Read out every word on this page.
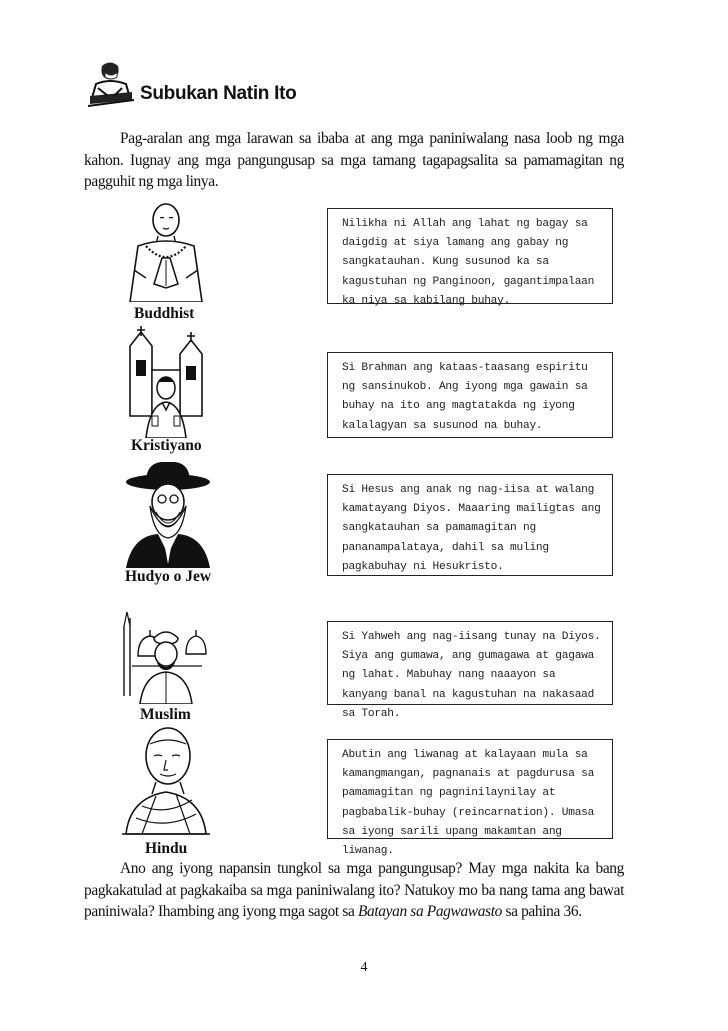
Subukan Natin Ito
Pag-aralan ang mga larawan sa ibaba at ang mga paniniwalang nasa loob ng mga kahon. Iugnay ang mga pangungusap sa mga tamang tagapagsalita sa pamamagitan ng pagguhit ng mga linya.
Buddhist
Kristiyano
Hudyo o Jew
Muslim
Hindu
Nilikha ni Allah ang lahat ng bagay sa daigdig at siya lamang ang gabay ng sangkatauhan. Kung susunod ka sa kagustuhan ng Panginoon, gagantimpalaan ka niya sa kabilang buhay.
Si Brahman ang kataas-taasang espiritu ng sansinukob. Ang iyong mga gawain sa buhay na ito ang magtatakda ng iyong kalalagyan sa susunod na buhay.
Si Hesus ang anak ng nag-iisa at walang kamatayang Diyos. Maaaring mailigtas ang sangkatauhan sa pamamagitan ng pananampalataya, dahil sa muling pagkabuhay ni Hesukristo.
Si Yahweh ang nag-iisang tunay na Diyos. Siya ang gumawa, ang gumagawa at gagawa ng lahat. Mabuhay nang naaayon sa kanyang banal na kagustuhan na nakasaad sa Torah.
Abutin ang liwanag at kalayaan mula sa kamangmangan, pagnanais at pagdurusa sa pamamagitan ng pagninilaynilay at pagbabalik-buhay (reincarnation). Umasa sa iyong sarili upang makamtan ang liwanag.
Ano ang iyong napansin tungkol sa mga pangungusap? May mga nakita ka bang pagkakatulad at pagkakaiba sa mga paniniwalang ito? Natukoy mo ba nang tama ang bawat paniniwala? Ihambing ang iyong mga sagot sa Batayan sa Pagwawasto sa pahina 36.
4
